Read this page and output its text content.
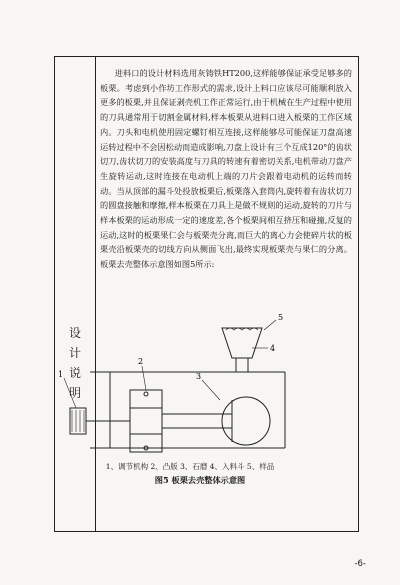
设
计
说
明

进料口的设计材料选用灰铸铁HT200,这样能够保证承受足够多的板栗。考虑到小作坊工作形式的需求,设计上料口应该尽可能顺利放入更多的板栗,并且保证剥壳机工作正常运行,由于机械在生产过程中使用的刀具通常用于切割金属材料,样本板栗从进料口进入板栗的工作区域内。刀头和电机使用固定螺钉相互连接,这样能够尽可能保证刀盘高速运转过程中不会因松动而造成影响,刀盘上设计有三个互成120°的齿状切刀,齿状切刀的安装高度与刀具的转速有着密切关系,电机带动刀盘产生旋转运动,这时连接在电动机上端的刀片会跟着电动机的运转而转动。当从顶部的漏斗处投放板栗后,板栗落入套筒内,旋转着有齿状切刀的圆盘接触和摩擦,样本板栗在刀具上是做不规则的运动,旋转的刀片与样本板栗的运动形成一定的速度差,各个板栗间相互挤压和碰撞,反复的运动,这时的板栗果仁会与板栗壳分离,而巨大的离心力会使碎片状的板栗壳沿板栗壳的切线方向从侧面飞出,最终实现板栗壳与果仁的分离。板栗去壳整体示意图如图5所示:

1
2
3
4
5
1、调节机构 2、凸版 3、石磨 4、入料斗 5、样品
图5 板栗去壳整体示意图
-6-
